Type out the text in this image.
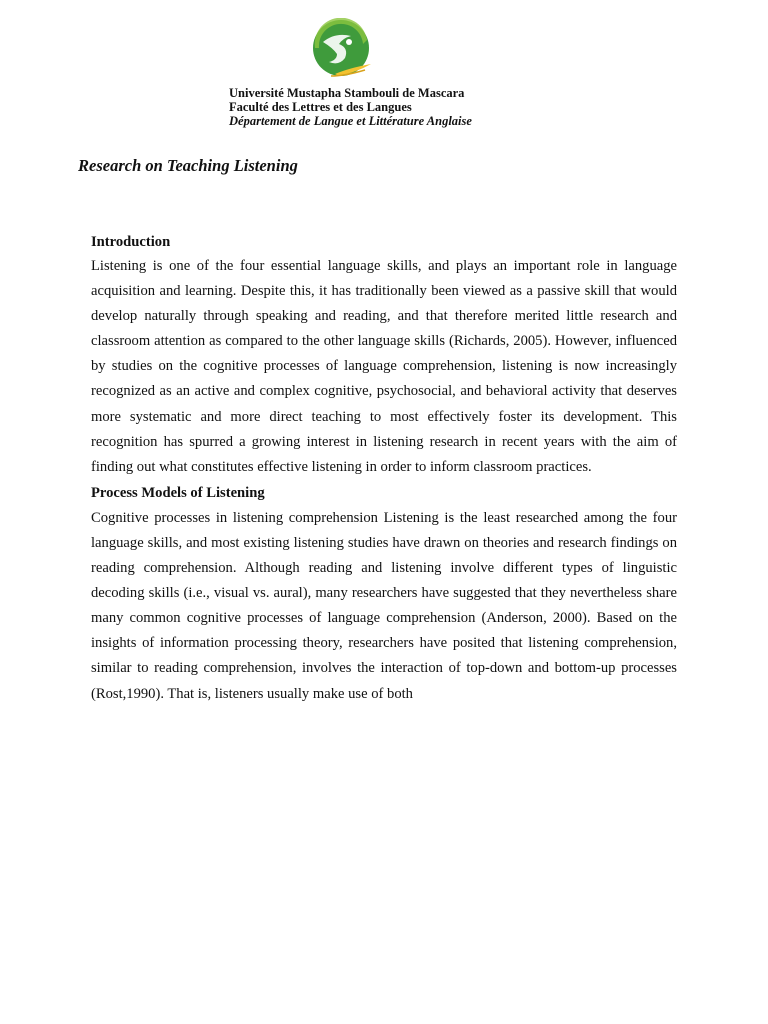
Université Mustapha Stambouli de Mascara
Faculté des Lettres et des Langues
Département de Langue et Littérature Anglaise
Research on Teaching Listening
Introduction

Listening is one of the four essential language skills, and plays an important role in language acquisition and learning. Despite this, it has traditionally been viewed as a passive skill that would develop naturally through speaking and reading, and that therefore merited little research and classroom attention as compared to the other language skills (Richards, 2005). However, influenced by studies on the cognitive processes of language comprehension, listening is now increasingly recognized as an active and complex cognitive, psychosocial, and behavioral activity that deserves more systematic and more direct teaching to most effectively foster its development. This recognition has spurred a growing interest in listening research in recent years with the aim of finding out what constitutes effective listening in order to inform classroom practices.

Process Models of Listening

Cognitive processes in listening comprehension Listening is the least researched among the four language skills, and most existing listening studies have drawn on theories and research findings on reading comprehension. Although reading and listening involve different types of linguistic decoding skills (i.e., visual vs. aural), many researchers have suggested that they nevertheless share many common cognitive processes of language comprehension (Anderson, 2000). Based on the insights of information processing theory, researchers have posited that listening comprehension, similar to reading comprehension, involves the interaction of top-down and bottom-up processes (Rost,1990). That is, listeners usually make use of both
